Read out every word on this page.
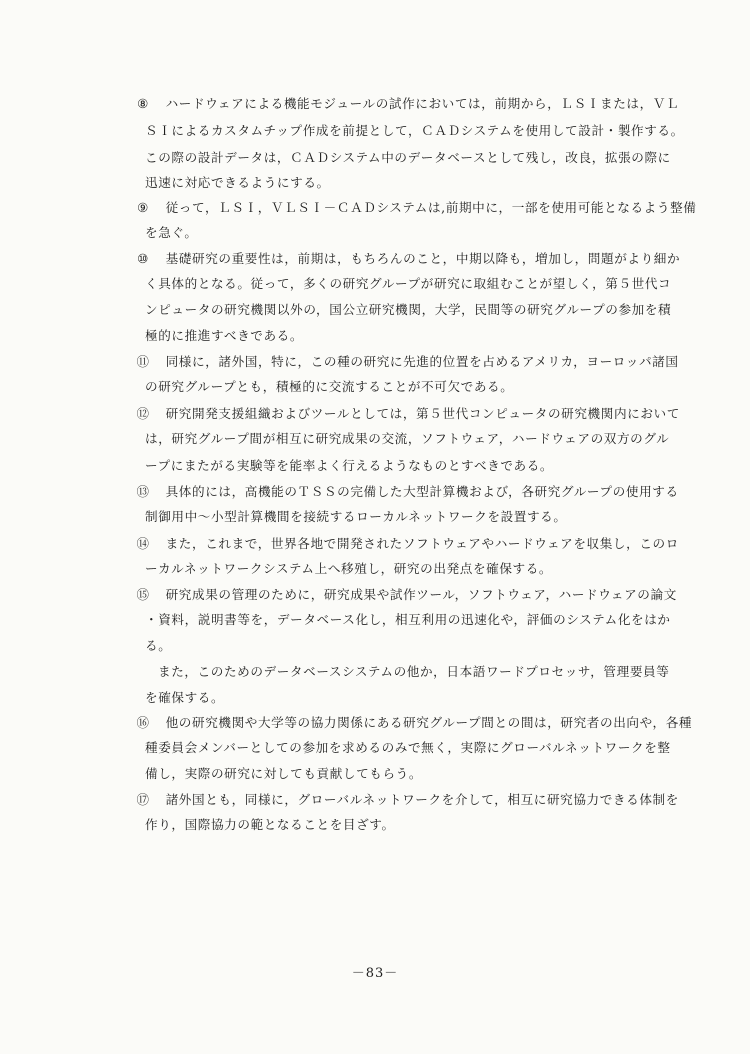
⑧ ハードウェアによる機能モジュールの試作においては，前期から，ＬＳＩまたは，ＶＬ
ＳＩによるカスタムチップ作成を前提として，ＣＡＤシステムを使用して設計・製作する。
この際の設計データは，ＣＡＤシステム中のデータベースとして残し，改良，拡張の際に
迅速に対応できるようにする。
⑨ 従って，ＬＳＩ，ＶＬＳＩ－ＣＡＤシステムは,前期中に，一部を使用可能となるよう整備
を急ぐ。
⑩ 基礎研究の重要性は，前期は，もちろんのこと，中期以降も，増加し，問題がより細か
く具体的となる。従って，多くの研究グループが研究に取組むことが望しく，第５世代コ
ンピュータの研究機関以外の，国公立研究機関，大学，民間等の研究グループの参加を積
極的に推進すべきである。
⑪ 同様に，諸外国，特に，この種の研究に先進的位置を占めるアメリカ，ヨーロッパ諸国
の研究グループとも，積極的に交流することが不可欠である。
⑫ 研究開発支援組織およびツールとしては，第５世代コンピュータの研究機関内において
は，研究グループ間が相互に研究成果の交流，ソフトウェア，ハードウェアの双方のグル
ープにまたがる実験等を能率よく行えるようなものとすべきである。
⑬ 具体的には，高機能のＴＳＳの完備した大型計算機および，各研究グループの使用する
制御用中～小型計算機間を接続するローカルネットワークを設置する。
⑭ また，これまで，世界各地で開発されたソフトウェアやハードウェアを収集し，このロ
ーカルネットワークシステム上へ移殖し，研究の出発点を確保する。
⑮ 研究成果の管理のために，研究成果や試作ツール，ソフトウェア，ハードウェアの論文
・資料，説明書等を，データベース化し，相互利用の迅速化や，評価のシステム化をはか
る。
また，このためのデータベースシステムの他か，日本語ワードプロセッサ，管理要員等
を確保する。
⑯ 他の研究機関や大学等の協力関係にある研究グループ間との間は，研究者の出向や，各種
種委員会メンバーとしての参加を求めるのみで無く，実際にグローバルネットワークを整
備し，実際の研究に対しても貢献してもらう。
⑰ 諸外国とも，同様に，グローバルネットワークを介して，相互に研究協力できる体制を
作り，国際協力の範となることを目ざす。
－83－
